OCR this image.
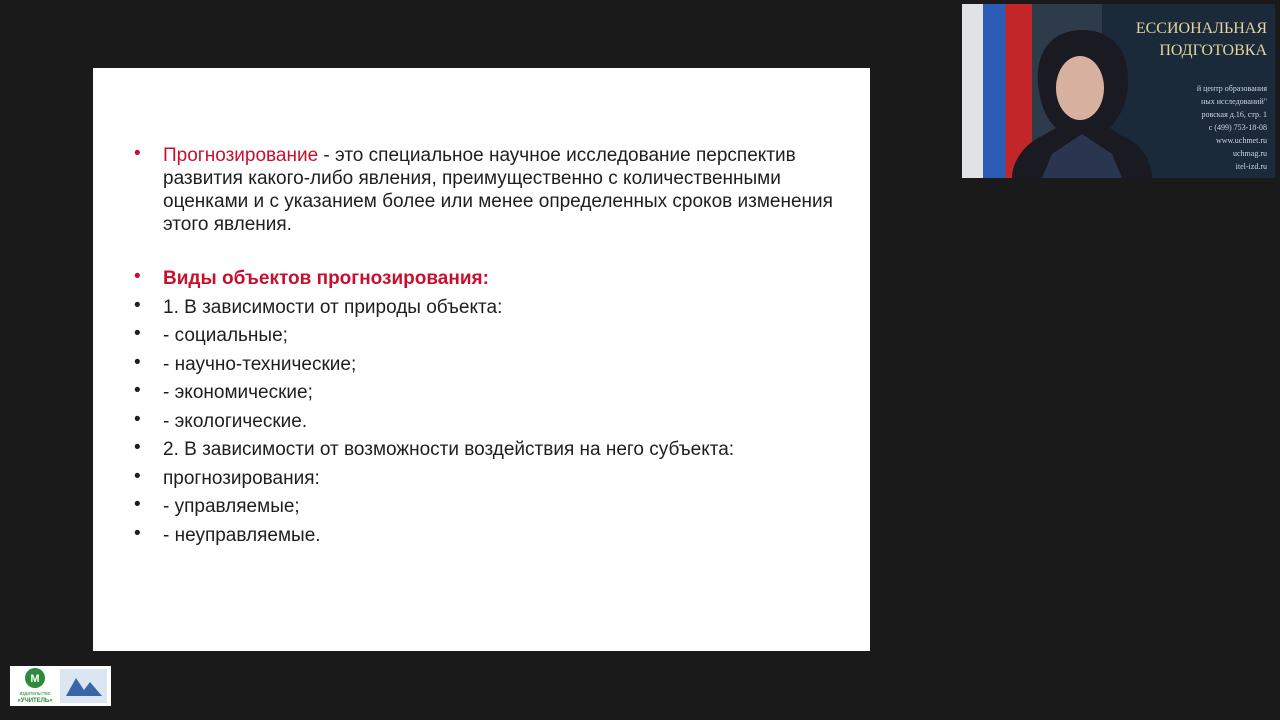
• Прогнозирование - это специальное научное исследование перспектив развития какого-либо явления, преимущественно с количественными оценками и с указанием более или менее определенных сроков изменения этого явления.
• Виды объектов прогнозирования:
• 1. В зависимости от природы объекта:
• - социальные;
• - научно-технические;
• - экономические;
• - экологические.
• 2. В зависимости от возможности воздействия на него субъекта:
• прогнозирования:
• - управляемые;
• - неуправляемые.
ЕССИОНАЛЬНАЯ
ПОДГОТОВКА
й центр образования
ных исследований"
ровская д.16, стр. 1
с (499) 753-18-08
www.uchmet.ru
uchmag.ru
itel-izd.ru
М
издательство
«УЧИТЕЛЬ»
